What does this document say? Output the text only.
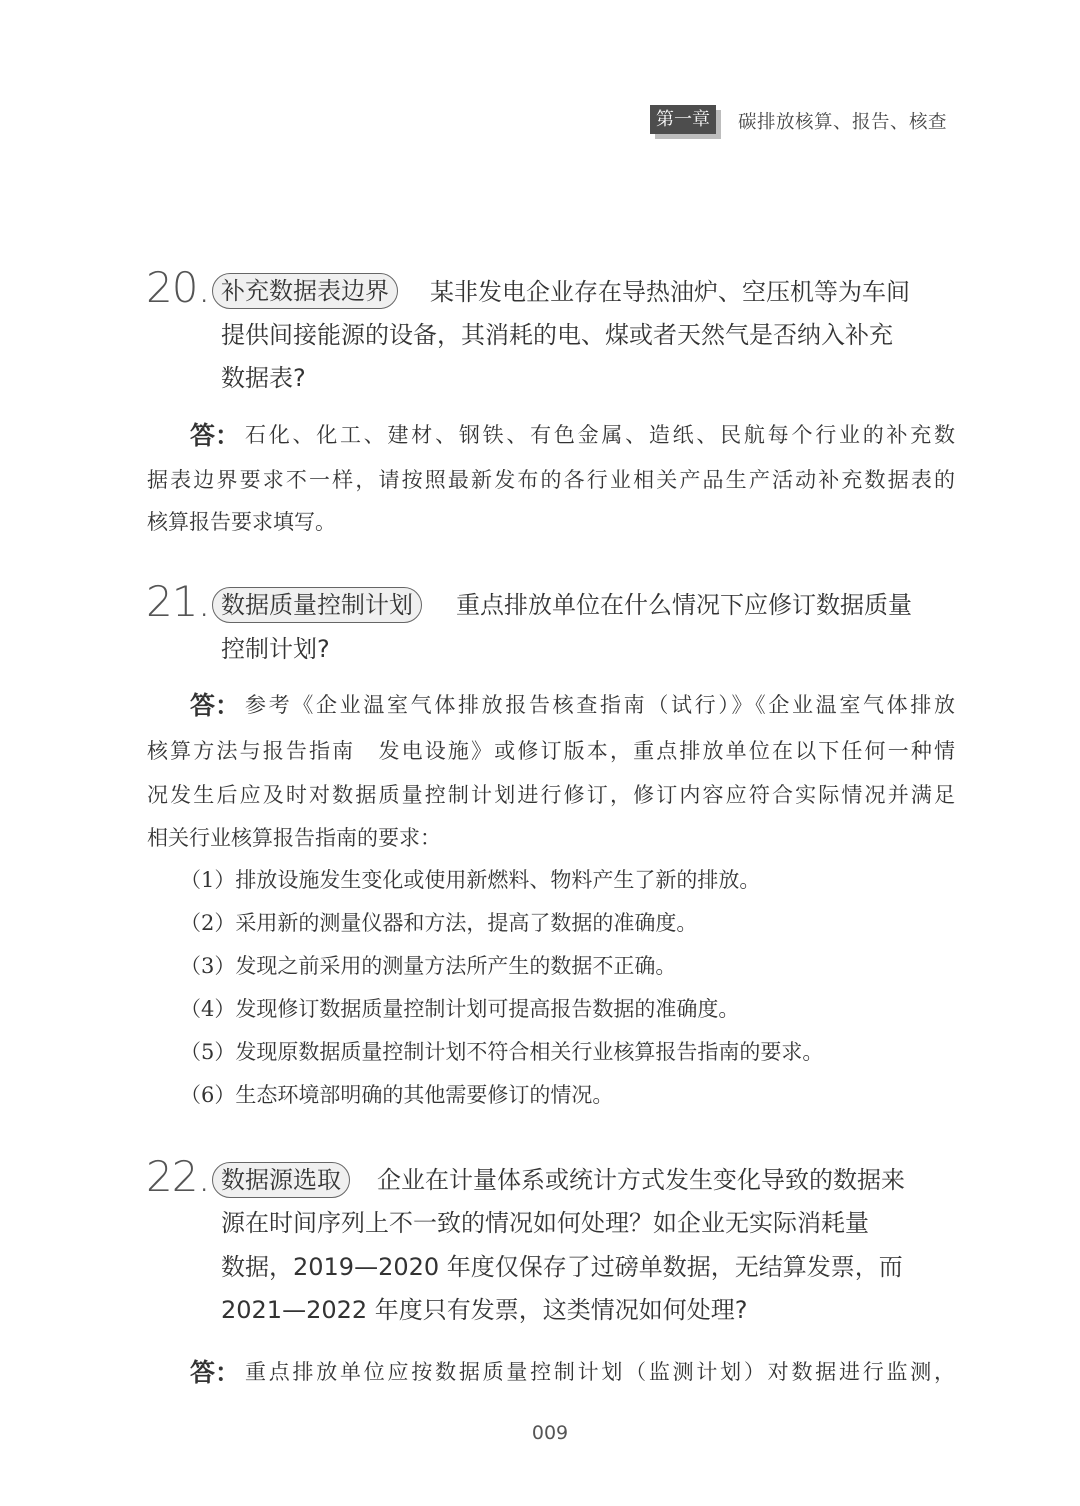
第一章	碳排放核算、报告、核查
20. 补充数据表边界	某非发电企业存在导热油炉、空压机等为车间
提供间接能源的设备，其消耗的电、煤或者天然气是否纳入补充
数据表?
答： 石化、化工、建材、钢铁、有色金属、造纸、民航每个行业的补充数
据表边界要求不一样，请按照最新发布的各行业相关产品生产活动补充数据表的
核算报告要求填写。
21. 数据质量控制计划	重点排放单位在什么情况下应修订数据质量
控制计划?
答： 参考《企业温室气体排放报告核查指南（试行）》《企业温室气体排放
核算方法与报告指南　发电设施》或修订版本，重点排放单位在以下任何一种情
况发生后应及时对数据质量控制计划进行修订，修订内容应符合实际情况并满足
相关行业核算报告指南的要求：
（1）排放设施发生变化或使用新燃料、物料产生了新的排放。
（2）采用新的测量仪器和方法，提高了数据的准确度。
（3）发现之前采用的测量方法所产生的数据不正确。
（4）发现修订数据质量控制计划可提高报告数据的准确度。
（5）发现原数据质量控制计划不符合相关行业核算报告指南的要求。
（6）生态环境部明确的其他需要修订的情况。
22. 数据源选取	企业在计量体系或统计方式发生变化导致的数据来
源在时间序列上不一致的情况如何处理？如企业无实际消耗量
数据，2019—2020 年度仅保存了过磅单数据，无结算发票，而
2021—2022 年度只有发票，这类情况如何处理?
答： 重点排放单位应按数据质量控制计划（监测计划）对数据进行监测，
009
